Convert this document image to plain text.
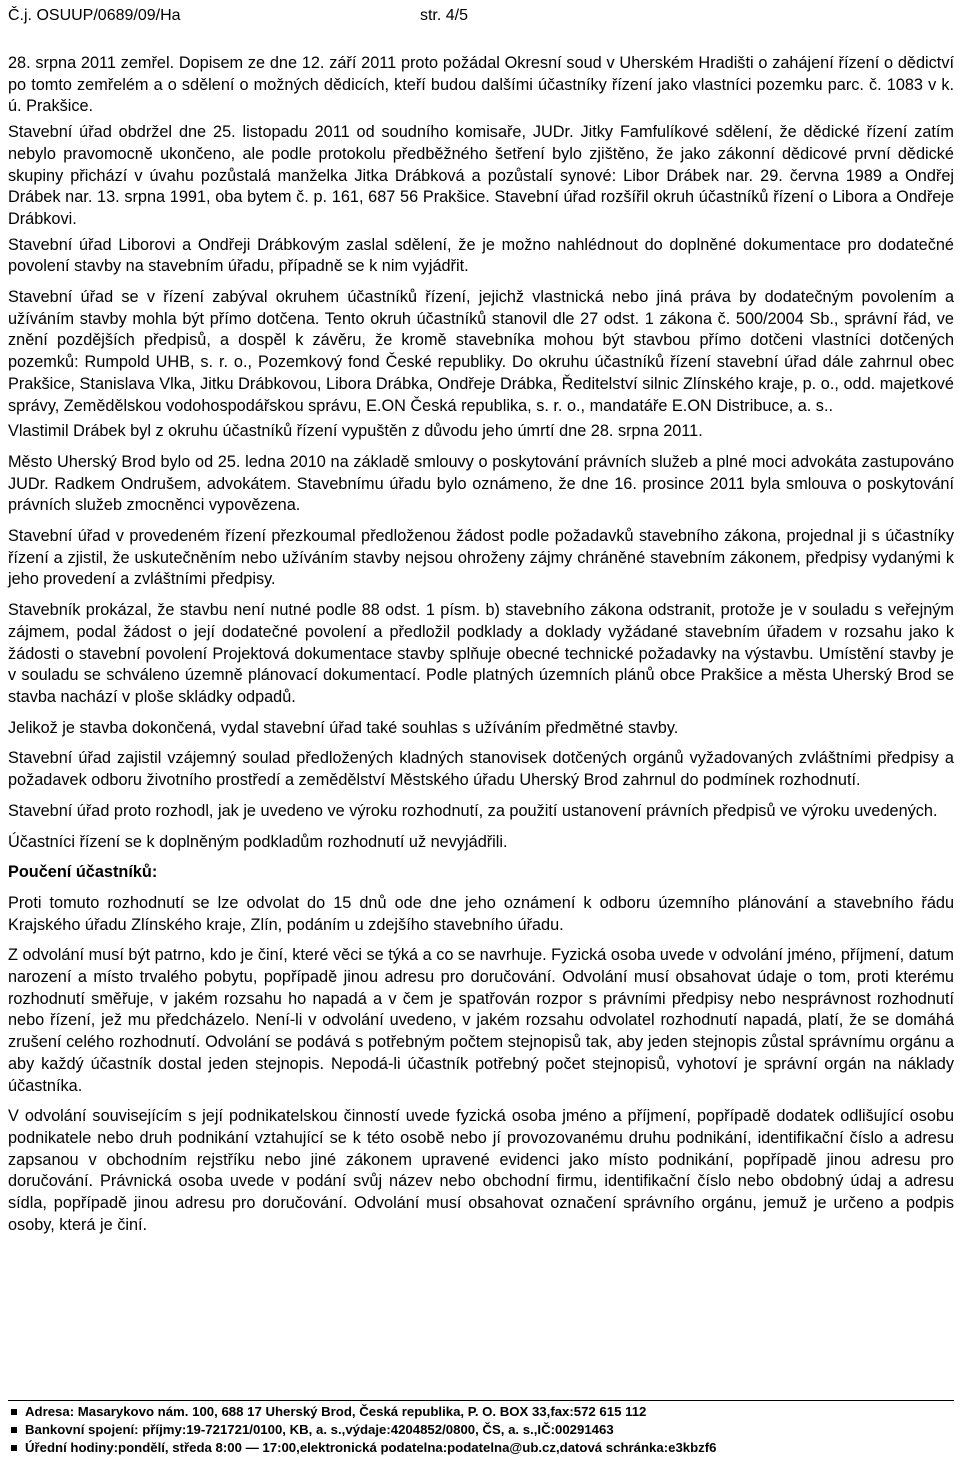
Č.j. OSUUP/0689/09/Ha	str. 4/5

28. srpna 2011 zemřel. Dopisem ze dne 12. září 2011 proto požádal Okresní soud v Uherském Hradišti o zahájení řízení o dědictví po tomto zemřelém a o sdělení o možných dědicích, kteří budou dalšími účastníky řízení jako vlastníci pozemku parc. č. 1083 v k. ú. Prakšice.

Stavební úřad obdržel dne 25. listopadu 2011 od soudního komisaře, JUDr. Jitky Famfulíkové sdělení, že dědické řízení zatím nebylo pravomocně ukončeno, ale podle protokolu předběžného šetření bylo zjištěno, že jako zákonní dědicové první dědické skupiny přichází v úvahu pozůstalá manželka Jitka Drábková a pozůstalí synové: Libor Drábek nar. 29. června 1989 a Ondřej Drábek nar. 13. srpna 1991, oba bytem č. p. 161, 687 56 Prakšice. Stavební úřad rozšířil okruh účastníků řízení o Libora a Ondřeje Drábkovi.

Stavební úřad Liborovi a Ondřeji Drábkovým zaslal sdělení, že je možno nahlédnout do doplněné dokumentace pro dodatečné povolení stavby na stavebním úřadu, případně se k nim vyjádřit.

Stavební úřad se v řízení zabýval okruhem účastníků řízení, jejichž vlastnická nebo jiná práva by dodatečným povolením a užíváním stavby mohla být přímo dotčena. Tento okruh účastníků stanovil dle 27 odst. 1 zákona č. 500/2004 Sb., správní řád, ve znění pozdějších předpisů, a dospěl k závěru, že kromě stavebníka mohou být stavbou přímo dotčeni vlastníci dotčených pozemků: Rumpold UHB, s. r. o., Pozemkový fond České republiky. Do okruhu účastníků řízení stavební úřad dále zahrnul obec Prakšice, Stanislava Vlka, Jitku Drábkovou, Libora Drábka, Ondřeje Drábka, Ředitelství silnic Zlínského kraje, p. o., odd. majetkové správy, Zemědělskou vodohospodářskou správu, E.ON Česká republika, s. r. o., mandatáře E.ON Distribuce, a. s..

Vlastimil Drábek byl z okruhu účastníků řízení vypuštěn z důvodu jeho úmrtí dne 28. srpna 2011.

Město Uherský Brod bylo od 25. ledna 2010 na základě smlouvy o poskytování právních služeb a plné moci advokáta zastupováno JUDr. Radkem Ondrušem, advokátem. Stavebnímu úřadu bylo oznámeno, že dne 16. prosince 2011 byla smlouva o poskytování právních služeb zmocněnci vypovězena.

Stavební úřad v provedeném řízení přezkoumal předloženou žádost podle požadavků stavebního zákona, projednal ji s účastníky řízení a zjistil, že uskutečněním nebo užíváním stavby nejsou ohroženy zájmy chráněné stavebním zákonem, předpisy vydanými k jeho provedení a zvláštními předpisy.

Stavebník prokázal, že stavbu není nutné podle 88 odst. 1 písm. b) stavebního zákona odstranit, protože je v souladu s veřejným zájmem, podal žádost o její dodatečné povolení a předložil podklady a doklady vyžádané stavebním úřadem v rozsahu jako k žádosti o stavební povolení Projektová dokumentace stavby splňuje obecné technické požadavky na výstavbu. Umístění stavby je v souladu se schváleno územně plánovací dokumentací. Podle platných územních plánů obce Prakšice a města Uherský Brod se stavba nachází v ploše skládky odpadů.

Jelikož je stavba dokončená, vydal stavební úřad také souhlas s užíváním předmětné stavby.

Stavební úřad zajistil vzájemný soulad předložených kladných stanovisek dotčených orgánů vyžadovaných zvláštními předpisy a požadavek odboru životního prostředí a zemědělství Městského úřadu Uherský Brod zahrnul do podmínek rozhodnutí.

Stavební úřad proto rozhodl, jak je uvedeno ve výroku rozhodnutí, za použití ustanovení právních předpisů ve výroku uvedených.

Účastníci řízení se k doplněným podkladům rozhodnutí už nevyjádřili.

Poučení účastníků:

Proti tomuto rozhodnutí se lze odvolat do 15 dnů ode dne jeho oznámení k odboru územního plánování a stavebního řádu Krajského úřadu Zlínského kraje, Zlín, podáním u zdejšího stavebního úřadu.

Z odvolání musí být patrno, kdo je činí, které věci se týká a co se navrhuje. Fyzická osoba uvede v odvolání jméno, příjmení, datum narození a místo trvalého pobytu, popřípadě jinou adresu pro doručování. Odvolání musí obsahovat údaje o tom, proti kterému rozhodnutí směřuje, v jakém rozsahu ho napadá a v čem je spatřován rozpor s právními předpisy nebo nesprávnost rozhodnutí nebo řízení, jež mu předcházelo. Není-li v odvolání uvedeno, v jakém rozsahu odvolatel rozhodnutí napadá, platí, že se domáhá zrušení celého rozhodnutí. Odvolání se podává s potřebným počtem stejnopisů tak, aby jeden stejnopis zůstal správnímu orgánu a aby každý účastník dostal jeden stejnopis. Nepodá-li účastník potřebný počet stejnopisů, vyhotoví je správní orgán na náklady účastníka.

V odvolání souvisejícím s její podnikatelskou činností uvede fyzická osoba jméno a příjmení, popřípadě dodatek odlišující osobu podnikatele nebo druh podnikání vztahující se k této osobě nebo jí provozovanému druhu podnikání, identifikační číslo a adresu zapsanou v obchodním rejstříku nebo jiné zákonem upravené evidenci jako místo podnikání, popřípadě jinou adresu pro doručování. Právnická osoba uvede v podání svůj název nebo obchodní firmu, identifikační číslo nebo obdobný údaj a adresu sídla, popřípadě jinou adresu pro doručování. Odvolání musí obsahovat označení správního orgánu, jemuž je určeno a podpis osoby, která je činí.

Adresa: Masarykovo nám. 100, 688 17 Uherský Brod, Česká republika, P. O. BOX 33, fax: 572 615 112
Bankovní spojení: příjmy: 19-721721/0100, KB, a. s., výdaje: 4204852/0800, ČS, a. s., IČ: 00291463
Úřední hodiny: pondělí, středa 8:00 — 17:00, elektronická podatelna: podatelna@ub.cz, datová schránka: e3kbzf6
